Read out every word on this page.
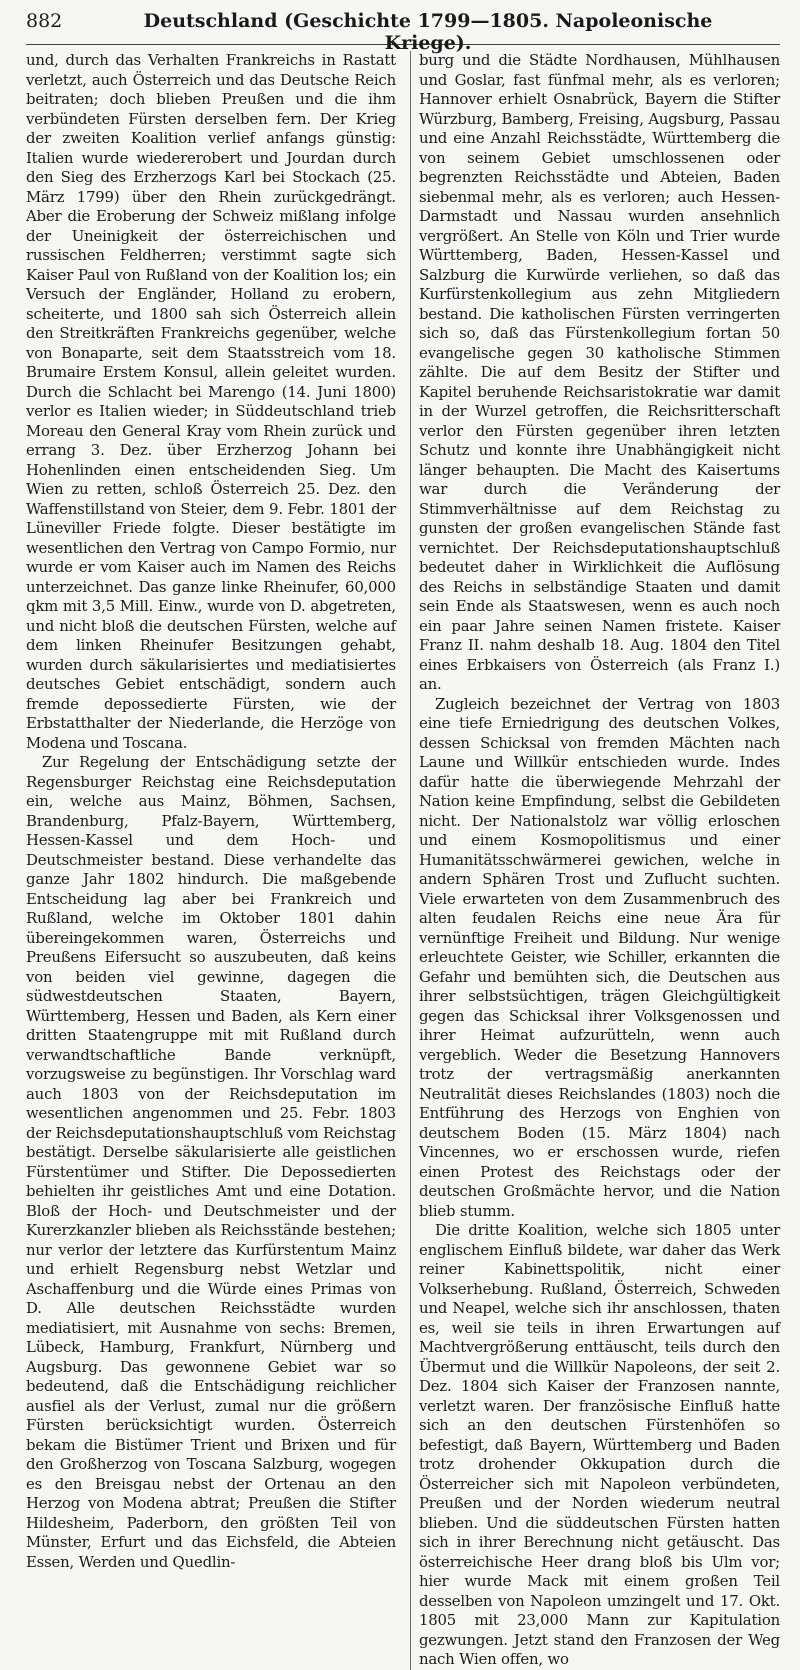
882	Deutschland (Geschichte 1799—1805. Napoleonische Kriege).

und, durch das Verhalten Frankreichs in Rastatt verletzt, auch Österreich und das Deutsche Reich beitraten; doch blieben Preußen und die ihm verbündeten Fürsten derselben fern. Der Krieg der zweiten Koalition verlief anfangs günstig: Italien wurde wiedererobert und Jourdan durch den Sieg des Erzherzogs Karl bei Stockach (25. März 1799) über den Rhein zurückgedrängt. Aber die Eroberung der Schweiz mißlang infolge der Uneinigkeit der österreichischen und russischen Feldherren; verstimmt sagte sich Kaiser Paul von Rußland von der Koalition los; ein Versuch der Engländer, Holland zu erobern, scheiterte, und 1800 sah sich Österreich allein den Streitkräften Frankreichs gegenüber, welche von Bonaparte, seit dem Staatsstreich vom 18. Brumaire Erstem Konsul, allein geleitet wurden. Durch die Schlacht bei Marengo (14. Juni 1800) verlor es Italien wieder; in Süddeutschland trieb Moreau den General Kray vom Rhein zurück und errang 3. Dez. über Erzherzog Johann bei Hohenlinden einen entscheidenden Sieg. Um Wien zu retten, schloß Österreich 25. Dez. den Waffenstillstand von Steier, dem 9. Febr. 1801 der Lüneviller Friede folgte. Dieser bestätigte im wesentlichen den Vertrag von Campo Formio, nur wurde er vom Kaiser auch im Namen des Reichs unterzeichnet. Das ganze linke Rheinufer, 60,000 qkm mit 3,5 Mill. Einw., wurde von D. abgetreten, und nicht bloß die deutschen Fürsten, welche auf dem linken Rheinufer Besitzungen gehabt, wurden durch säkularisiertes und mediatisiertes deutsches Gebiet entschädigt, sondern auch fremde depossedierte Fürsten, wie der Erbstatthalter der Niederlande, die Herzöge von Modena und Toscana.

Zur Regelung der Entschädigung setzte der Regensburger Reichstag eine Reichsdeputation ein, welche aus Mainz, Böhmen, Sachsen, Brandenburg, Pfalz-Bayern, Württemberg, Hessen-Kassel und dem Hoch- und Deutschmeister bestand. Diese verhandelte das ganze Jahr 1802 hindurch. Die maßgebende Entscheidung lag aber bei Frankreich und Rußland, welche im Oktober 1801 dahin übereingekommen waren, Österreichs und Preußens Eifersucht so auszubeuten, daß keins von beiden viel gewinne, dagegen die südwestdeutschen Staaten, Bayern, Württemberg, Hessen und Baden, als Kern einer dritten Staatengruppe mit mit Rußland durch verwandtschaftliche Bande verknüpft, vorzugsweise zu begünstigen. Ihr Vorschlag ward auch 1803 von der Reichsdeputation im wesentlichen angenommen und 25. Febr. 1803 der Reichsdeputationshauptschluß vom Reichstag bestätigt. Derselbe säkularisierte alle geistlichen Fürstentümer und Stifter. Die Depossedierten behielten ihr geistliches Amt und eine Dotation. Bloß der Hoch- und Deutschmeister und der Kurerzkanzler blieben als Reichsstände bestehen; nur verlor der letztere das Kurfürstentum Mainz und erhielt Regensburg nebst Wetzlar und Aschaffenburg und die Würde eines Primas von D. Alle deutschen Reichsstädte wurden mediatisiert, mit Ausnahme von sechs: Bremen, Lübeck, Hamburg, Frankfurt, Nürnberg und Augsburg. Das gewonnene Gebiet war so bedeutend, daß die Entschädigung reichlicher ausfiel als der Verlust, zumal nur die größern Fürsten berücksichtigt wurden. Österreich bekam die Bistümer Trient und Brixen und für den Großherzog von Toscana Salzburg, wogegen es den Breisgau nebst der Ortenau an den Herzog von Modena abtrat; Preußen die Stifter Hildesheim, Paderborn, den größten Teil von Münster, Erfurt und das Eichsfeld, die Abteien Essen, Werden und Quedlin-

burg und die Städte Nordhausen, Mühlhausen und Goslar, fast fünfmal mehr, als es verloren; Hannover erhielt Osnabrück, Bayern die Stifter Würzburg, Bamberg, Freising, Augsburg, Passau und eine Anzahl Reichsstädte, Württemberg die von seinem Gebiet umschlossenen oder begrenzten Reichsstädte und Abteien, Baden siebenmal mehr, als es verloren; auch Hessen-Darmstadt und Nassau wurden ansehnlich vergrößert. An Stelle von Köln und Trier wurde Württemberg, Baden, Hessen-Kassel und Salzburg die Kurwürde verliehen, so daß das Kurfürstenkollegium aus zehn Mitgliedern bestand. Die katholischen Fürsten verringerten sich so, daß das Fürstenkollegium fortan 50 evangelische gegen 30 katholische Stimmen zählte. Die auf dem Besitz der Stifter und Kapitel beruhende Reichsaristokratie war damit in der Wurzel getroffen, die Reichsritterschaft verlor den Fürsten gegenüber ihren letzten Schutz und konnte ihre Unabhängigkeit nicht länger behaupten. Die Macht des Kaisertums war durch die Veränderung der Stimmverhältnisse auf dem Reichstag zu gunsten der großen evangelischen Stände fast vernichtet. Der Reichsdeputationshauptschluß bedeutet daher in Wirklichkeit die Auflösung des Reichs in selbständige Staaten und damit sein Ende als Staatswesen, wenn es auch noch ein paar Jahre seinen Namen fristete. Kaiser Franz II. nahm deshalb 18. Aug. 1804 den Titel eines Erbkaisers von Österreich (als Franz I.) an.

Zugleich bezeichnet der Vertrag von 1803 eine tiefe Erniedrigung des deutschen Volkes, dessen Schicksal von fremden Mächten nach Laune und Willkür entschieden wurde. Indes dafür hatte die überwiegende Mehrzahl der Nation keine Empfindung, selbst die Gebildeten nicht. Der Nationalstolz war völlig erloschen und einem Kosmopolitismus und einer Humanitätsschwärmerei gewichen, welche in andern Sphären Trost und Zuflucht suchten. Viele erwarteten von dem Zusammenbruch des alten feudalen Reichs eine neue Ära für vernünftige Freiheit und Bildung. Nur wenige erleuchtete Geister, wie Schiller, erkannten die Gefahr und bemühten sich, die Deutschen aus ihrer selbstsüchtigen, trägen Gleichgültigkeit gegen das Schicksal ihrer Volksgenossen und ihrer Heimat aufzurütteln, wenn auch vergeblich. Weder die Besetzung Hannovers trotz der vertragsmäßig anerkannten Neutralität dieses Reichslandes (1803) noch die Entführung des Herzogs von Enghien von deutschem Boden (15. März 1804) nach Vincennes, wo er erschossen wurde, riefen einen Protest des Reichstags oder der deutschen Großmächte hervor, und die Nation blieb stumm.

Die dritte Koalition, welche sich 1805 unter englischem Einfluß bildete, war daher das Werk reiner Kabinettspolitik, nicht einer Volkserhebung. Rußland, Österreich, Schweden und Neapel, welche sich ihr anschlossen, thaten es, weil sie teils in ihren Erwartungen auf Machtvergrößerung enttäuscht, teils durch den Übermut und die Willkür Napoleons, der seit 2. Dez. 1804 sich Kaiser der Franzosen nannte, verletzt waren. Der französische Einfluß hatte sich an den deutschen Fürstenhöfen so befestigt, daß Bayern, Württemberg und Baden trotz drohender Okkupation durch die Österreicher sich mit Napoleon verbündeten, Preußen und der Norden wiederum neutral blieben. Und die süddeutschen Fürsten hatten sich in ihrer Berechnung nicht getäuscht. Das österreichische Heer drang bloß bis Ulm vor; hier wurde Mack mit einem großen Teil desselben von Napoleon umzingelt und 17. Okt. 1805 mit 23,000 Mann zur Kapitulation gezwungen. Jetzt stand den Franzosen der Weg nach Wien offen, wo
